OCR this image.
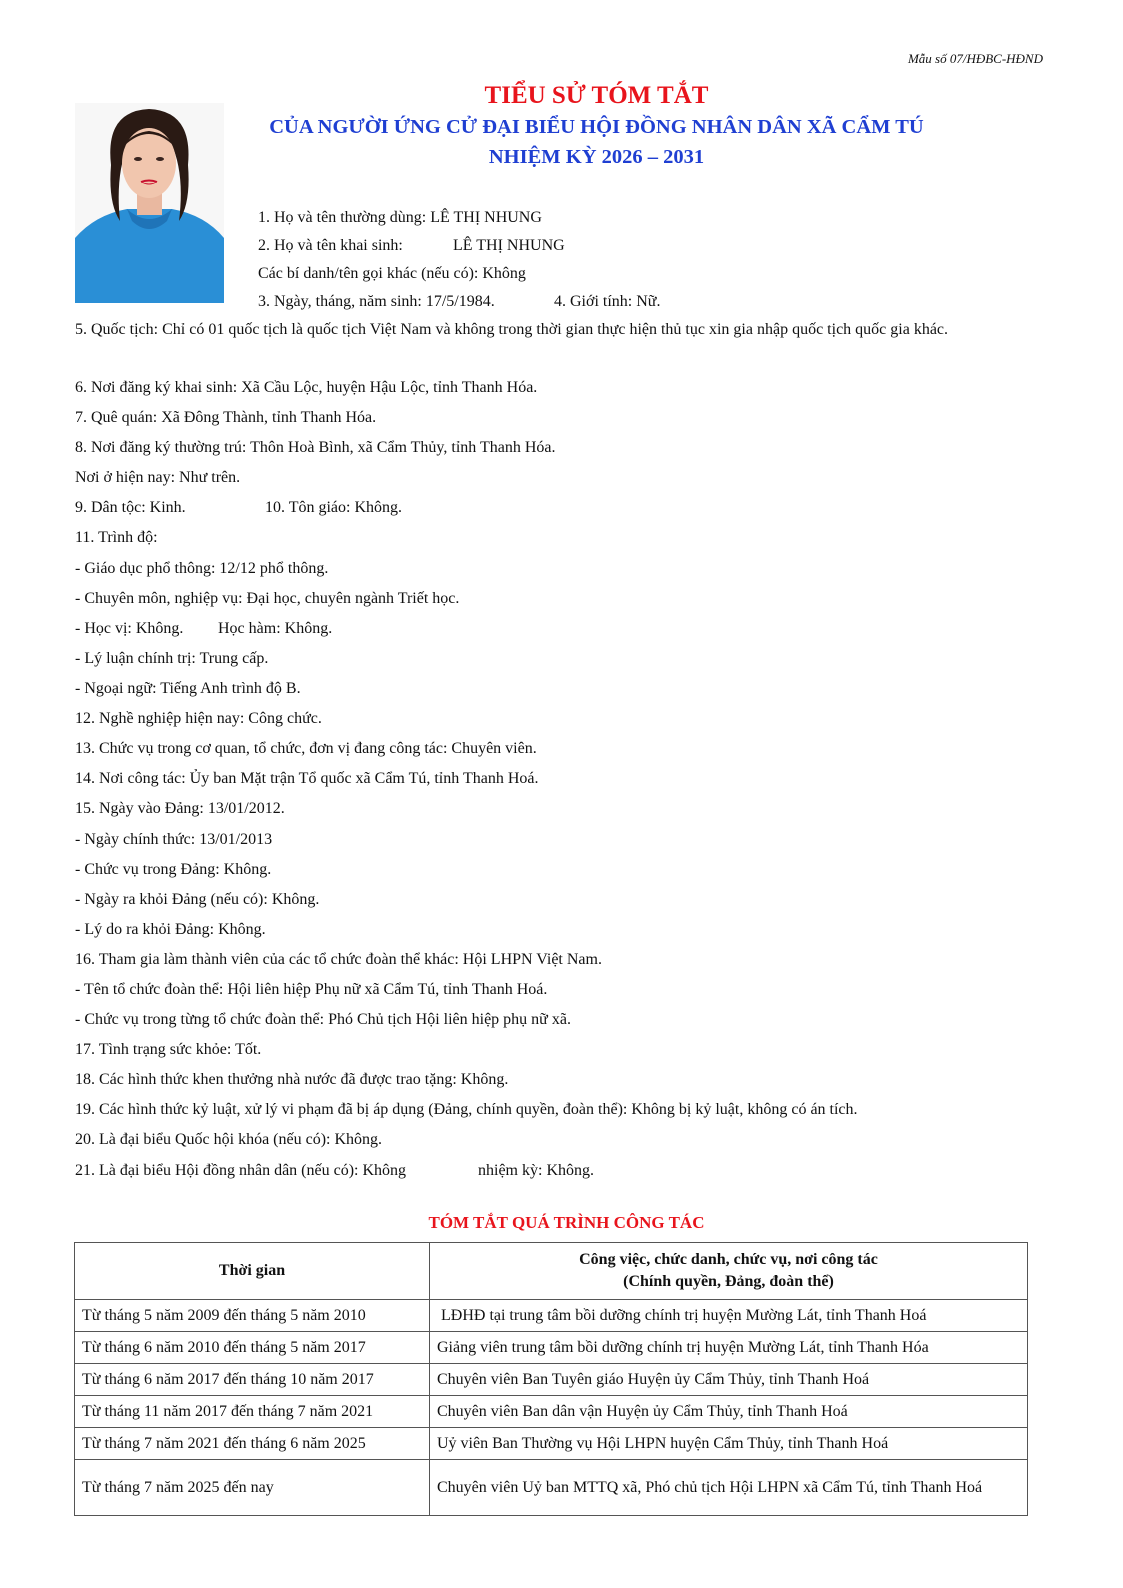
Mẫu số 07/HĐBC-HĐND
TIỂU SỬ TÓM TẮT
CỦA NGƯỜI ỨNG CỬ ĐẠI BIỂU HỘI ĐỒNG NHÂN DÂN XÃ CẨM TÚ
NHIỆM KỲ 2026 – 2031
1. Họ và tên thường dùng: LÊ THỊ NHUNG
2. Họ và tên khai sinh:	LÊ THỊ NHUNG
Các bí danh/tên gọi khác (nếu có): Không
3. Ngày, tháng, năm sinh: 17/5/1984.	4. Giới tính: Nữ.
5. Quốc tịch: Chỉ có 01 quốc tịch là quốc tịch Việt Nam và không trong thời gian thực hiện thủ tục xin gia nhập quốc tịch quốc gia khác.
6. Nơi đăng ký khai sinh: Xã Cầu Lộc, huyện Hậu Lộc, tỉnh Thanh Hóa.
7. Quê quán: Xã Đông Thành, tỉnh Thanh Hóa.
8. Nơi đăng ký thường trú: Thôn Hoà Bình, xã Cẩm Thủy, tỉnh Thanh Hóa.
Nơi ở hiện nay: Như trên.
9. Dân tộc: Kinh.	10. Tôn giáo: Không.
11. Trình độ:
- Giáo dục phổ thông: 12/12 phổ thông.
- Chuyên môn, nghiệp vụ: Đại học, chuyên ngành Triết học.
- Học vị: Không. Học hàm: Không.
- Lý luận chính trị: Trung cấp.
- Ngoại ngữ: Tiếng Anh trình độ B.
12. Nghề nghiệp hiện nay: Công chức.
13. Chức vụ trong cơ quan, tổ chức, đơn vị đang công tác: Chuyên viên.
14. Nơi công tác: Ủy ban Mặt trận Tổ quốc xã Cẩm Tú, tỉnh Thanh Hoá.
15. Ngày vào Đảng: 13/01/2012.
- Ngày chính thức: 13/01/2013
- Chức vụ trong Đảng: Không.
- Ngày ra khỏi Đảng (nếu có): Không.
- Lý do ra khỏi Đảng: Không.
16. Tham gia làm thành viên của các tổ chức đoàn thể khác: Hội LHPN Việt Nam.
- Tên tổ chức đoàn thể: Hội liên hiệp Phụ nữ xã Cẩm Tú, tỉnh Thanh Hoá.
- Chức vụ trong từng tổ chức đoàn thể: Phó Chủ tịch Hội liên hiệp phụ nữ xã.
17. Tình trạng sức khỏe: Tốt.
18. Các hình thức khen thưởng nhà nước đã được trao tặng: Không.
19. Các hình thức kỷ luật, xử lý vi phạm đã bị áp dụng (Đảng, chính quyền, đoàn thể): Không bị kỷ luật, không có án tích.
20. Là đại biểu Quốc hội khóa (nếu có): Không.
21. Là đại biểu Hội đồng nhân dân (nếu có): Không	nhiệm kỳ: Không.
TÓM TẮT QUÁ TRÌNH CÔNG TÁC
Thời gian	Công việc, chức danh, chức vụ, nơi công tác
(Chính quyền, Đảng, đoàn thể)

Từ tháng 5 năm 2009 đến tháng 5 năm 2010	LĐHĐ tại trung tâm bồi dưỡng chính trị huyện Mường Lát, tỉnh Thanh Hoá
Từ tháng 6 năm 2010 đến tháng 5 năm 2017	Giảng viên trung tâm bồi dưỡng chính trị huyện Mường Lát, tỉnh Thanh Hóa
Từ tháng 6 năm 2017 đến tháng 10 năm 2017	Chuyên viên Ban Tuyên giáo Huyện ủy Cẩm Thủy, tỉnh Thanh Hoá
Từ tháng 11 năm 2017 đến tháng 7 năm 2021	Chuyên viên Ban dân vận Huyện ủy Cẩm Thủy, tỉnh Thanh Hoá
Từ tháng 7 năm 2021 đến tháng 6 năm 2025	Uỷ viên Ban Thường vụ Hội LHPN huyện Cẩm Thủy, tỉnh Thanh Hoá
Từ tháng 7 năm 2025 đến nay	Chuyên viên Uỷ ban MTTQ xã, Phó chủ tịch Hội LHPN xã Cẩm Tú, tỉnh Thanh Hoá
